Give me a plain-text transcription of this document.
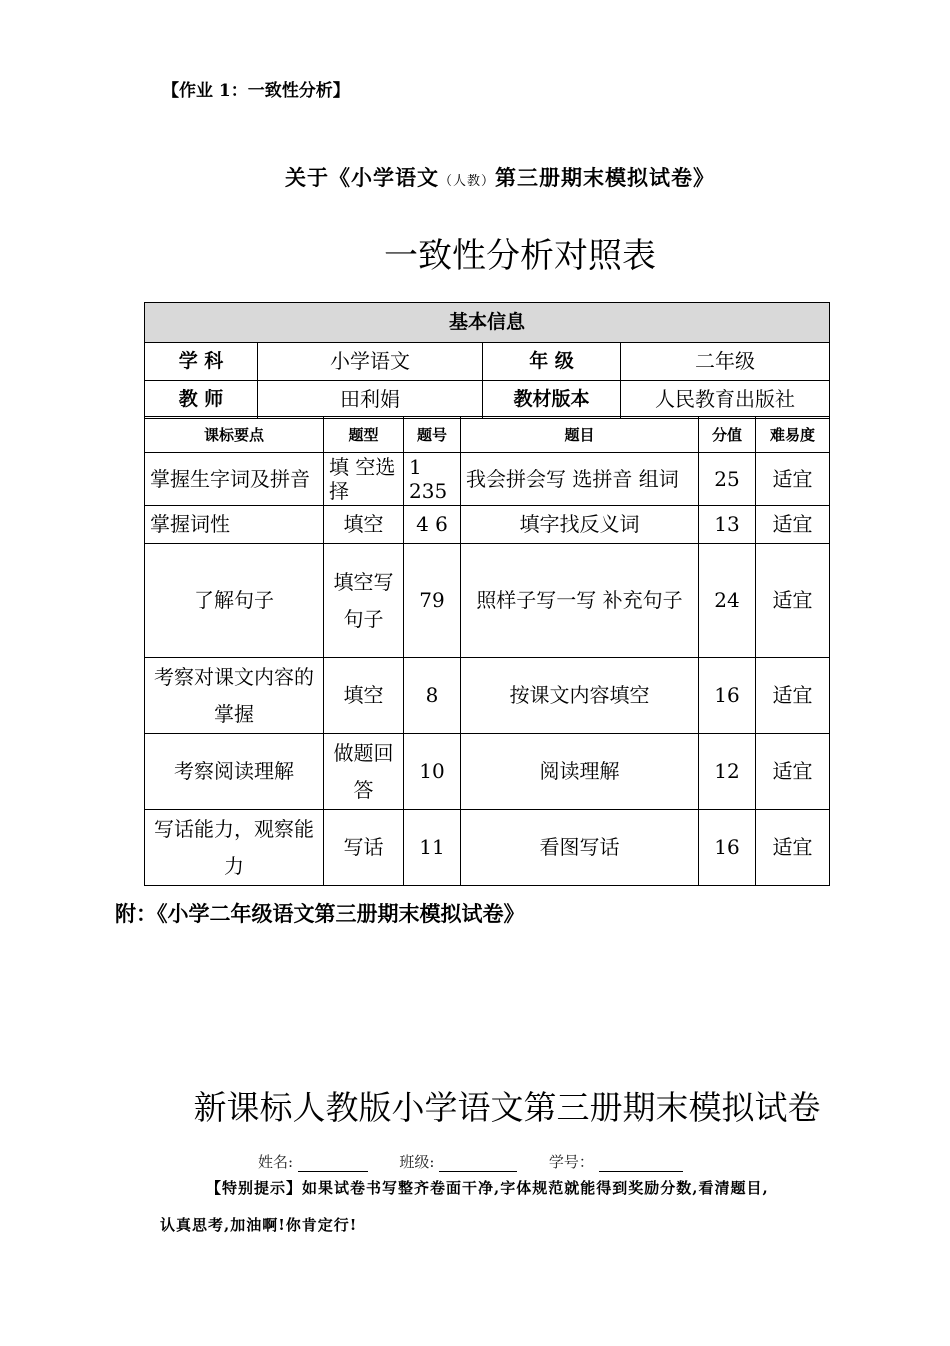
【作业 1：一致性分析】
关于《小学语文（人教）第三册期末模拟试卷》
一致性分析对照表
基本信息			
学 科	小学语文	年 级	二年级
教 师	田利娟	教材版本	人民教育出版社
课标要点	题型	题号	题目	分值	难易度
掌握生字词及拼音	填 空选择	1 235	我会拼会写 选拼音 组词	25	适宜
掌握词性	填空	4 6	填字找反义词	13	适宜
了解句子	填空写句子	79	照样子写一写 补充句子	24	适宜
考察对课文内容的掌握	填空	8	按课文内容填空	16	适宜
考察阅读理解	做题回答	10	阅读理解	12	适宜
写话能力，观察能力	写话	11	看图写话	16	适宜
附：《小学二年级语文第三册期末模拟试卷》
新课标人教版小学语文第三册期末模拟试卷
姓名:	班级:	学号：
【特别提示】如果试卷书写整齐卷面干净,字体规范就能得到奖励分数,看清题目,
认真思考,加油啊!你肯定行!
